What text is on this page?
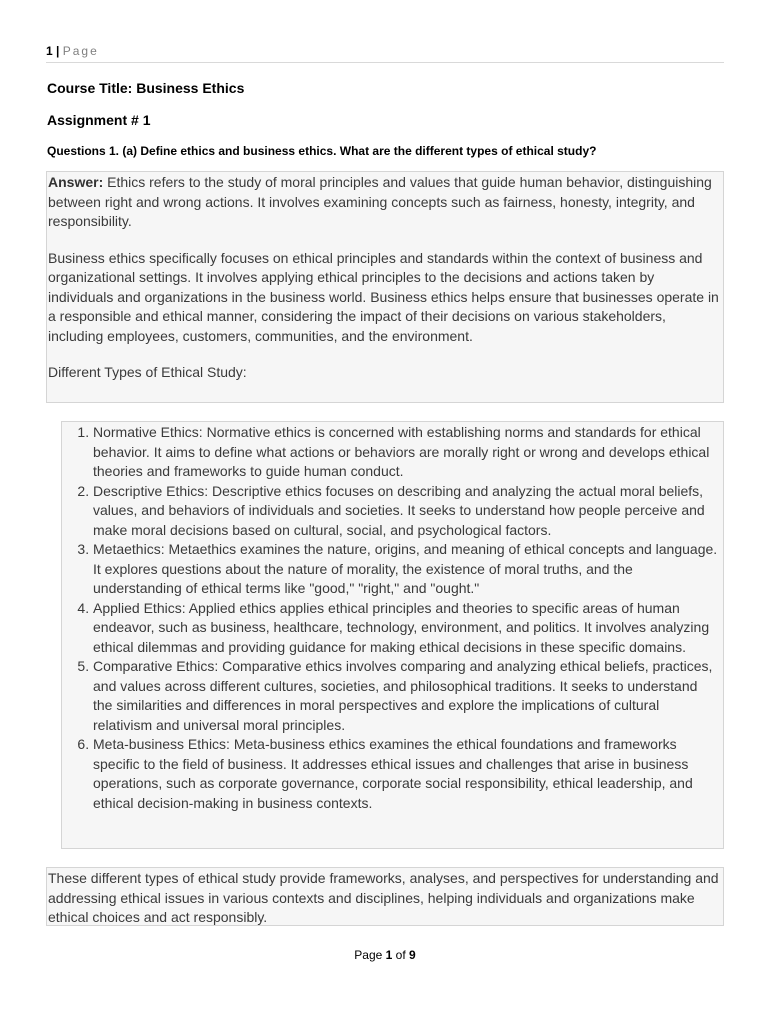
1 | Page
Course Title: Business Ethics
Assignment # 1
Questions 1. (a) Define ethics and business ethics. What are the different types of ethical study?

Answer: Ethics refers to the study of moral principles and values that guide human behavior, distinguishing between right and wrong actions. It involves examining concepts such as fairness, honesty, integrity, and responsibility.

Business ethics specifically focuses on ethical principles and standards within the context of business and organizational settings. It involves applying ethical principles to the decisions and actions taken by individuals and organizations in the business world. Business ethics helps ensure that businesses operate in a responsible and ethical manner, considering the impact of their decisions on various stakeholders, including employees, customers, communities, and the environment.

Different Types of Ethical Study:

1. Normative Ethics: Normative ethics is concerned with establishing norms and standards for ethical behavior. It aims to define what actions or behaviors are morally right or wrong and develops ethical theories and frameworks to guide human conduct.
2. Descriptive Ethics: Descriptive ethics focuses on describing and analyzing the actual moral beliefs, values, and behaviors of individuals and societies. It seeks to understand how people perceive and make moral decisions based on cultural, social, and psychological factors.
3. Metaethics: Metaethics examines the nature, origins, and meaning of ethical concepts and language. It explores questions about the nature of morality, the existence of moral truths, and the understanding of ethical terms like "good," "right," and "ought."
4. Applied Ethics: Applied ethics applies ethical principles and theories to specific areas of human endeavor, such as business, healthcare, technology, environment, and politics. It involves analyzing ethical dilemmas and providing guidance for making ethical decisions in these specific domains.
5. Comparative Ethics: Comparative ethics involves comparing and analyzing ethical beliefs, practices, and values across different cultures, societies, and philosophical traditions. It seeks to understand the similarities and differences in moral perspectives and explore the implications of cultural relativism and universal moral principles.
6. Meta-business Ethics: Meta-business ethics examines the ethical foundations and frameworks specific to the field of business. It addresses ethical issues and challenges that arise in business operations, such as corporate governance, corporate social responsibility, ethical leadership, and ethical decision-making in business contexts.

These different types of ethical study provide frameworks, analyses, and perspectives for understanding and addressing ethical issues in various contexts and disciplines, helping individuals and organizations make ethical choices and act responsibly.

Page 1 of 9
